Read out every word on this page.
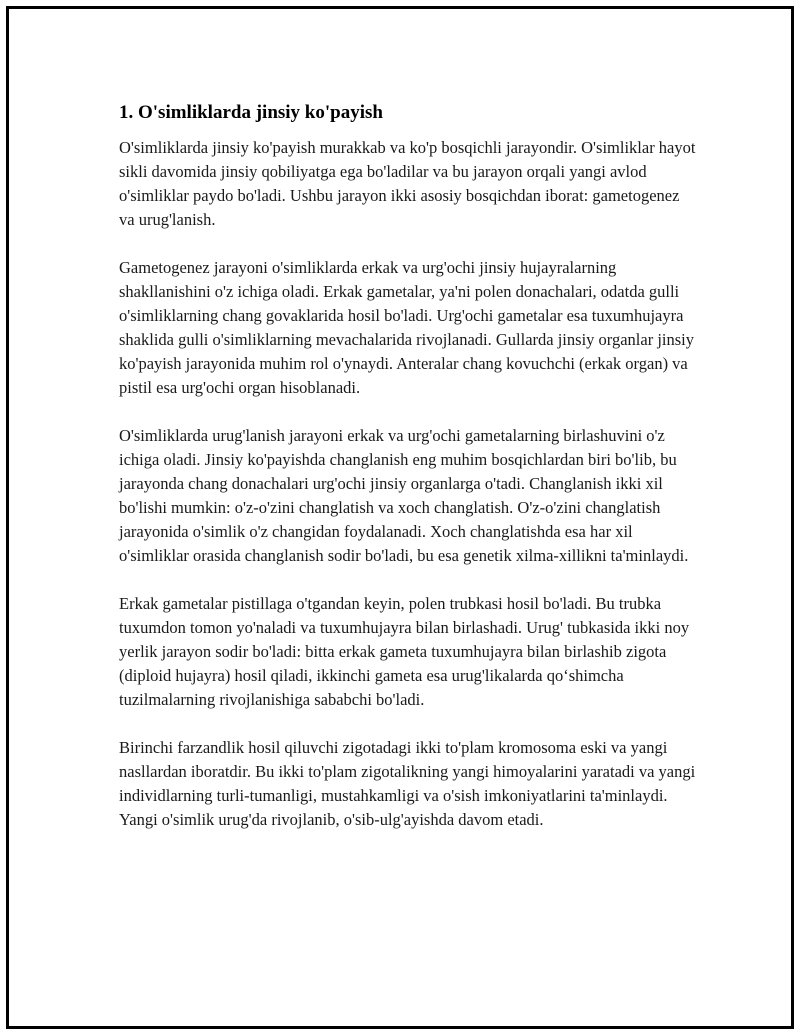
1. O'simliklarda jinsiy ko'payish

O'simliklarda jinsiy ko'payish murakkab va ko'p bosqichli jarayondir. O'simliklar hayot sikli davomida jinsiy qobiliyatga ega bo'ladilar va bu jarayon orqali yangi avlod o'simliklar paydo bo'ladi. Ushbu jarayon ikki asosiy bosqichdan iborat: gametogenez va urug'lanish.

Gametogenez jarayoni o'simliklarda erkak va urg'ochi jinsiy hujayralarning shakllanishini o'z ichiga oladi. Erkak gametalar, ya'ni polen donachalari, odatda gulli o'simliklarning chang govaklarida hosil bo'ladi. Urg'ochi gametalar esa tuxumhujayra shaklida gulli o'simliklarning mevachalarida rivojlanadi. Gullarda jinsiy organlar jinsiy ko'payish jarayonida muhim rol o'ynaydi. Anteralar chang kovuchchi (erkak organ) va pistil esa urg'ochi organ hisoblanadi.

O'simliklarda urug'lanish jarayoni erkak va urg'ochi gametalarning birlashuvini o'z ichiga oladi. Jinsiy ko'payishda changlanish eng muhim bosqichlardan biri bo'lib, bu jarayonda chang donachalari urg'ochi jinsiy organlarga o'tadi. Changlanish ikki xil bo'lishi mumkin: o'z-o'zini changlatish va xoch changlatish. O'z-o'zini changlatish jarayonida o'simlik o'z changidan foydalanadi. Xoch changlatishda esa har xil o'simliklar orasida changlanish sodir bo'ladi, bu esa genetik xilma-xillikni ta'minlaydi.

Erkak gametalar pistillaga o'tgandan keyin, polen trubkasi hosil bo'ladi. Bu trubka tuxumdon tomon yo'naladi va tuxumhujayra bilan birlashadi. Urug' tubkasida ikki noy yerlik jarayon sodir bo'ladi: bitta erkak gameta tuxumhujayra bilan birlashib zigota (diploid hujayra) hosil qiladi, ikkinchi gameta esa urug'likalarda qo‘shimcha tuzilmalarning rivojlanishiga sababchi bo'ladi.

Birinchi farzandlik hosil qiluvchi zigotadagi ikki to'plam kromosoma eski va yangi nasllardan iboratdir. Bu ikki to'plam zigotalikning yangi himoyalarini yaratadi va yangi individlarning turli-tumanligi, mustahkamligi va o'sish imkoniyatlarini ta'minlaydi. Yangi o'simlik urug'da rivojlanib, o'sib-ulg'ayishda davom etadi.
